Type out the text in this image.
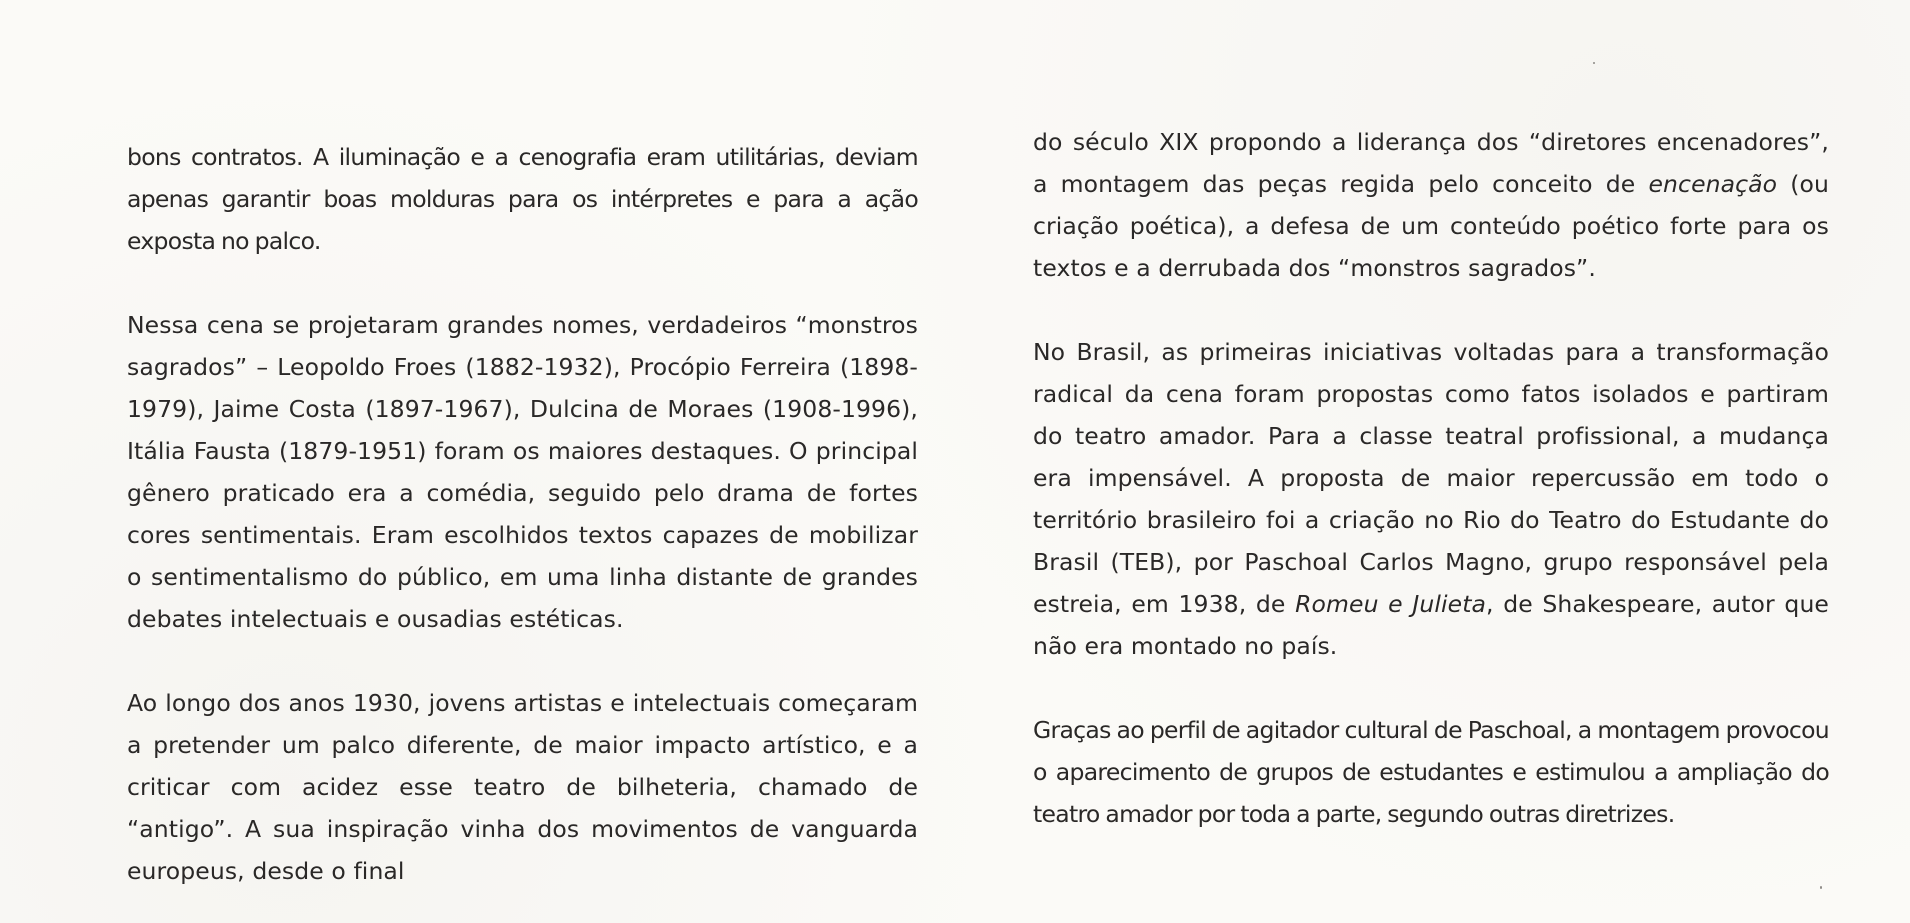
bons contratos. A iluminação e a cenografia eram utilitárias, deviam apenas garantir boas molduras para os intérpretes e para a ação exposta no palco.

Nessa cena se projetaram grandes nomes, verdadeiros “monstros sagrados” – Leopoldo Froes (1882-1932), Procópio Ferreira (1898-1979), Jaime Costa (1897-1967), Dulcina de Moraes (1908-1996), Itália Fausta (1879-1951) foram os maiores destaques. O principal gênero praticado era a comédia, seguido pelo drama de fortes cores sentimentais. Eram escolhidos textos capazes de mobilizar o sentimentalismo do público, em uma linha distante de grandes debates intelectuais e ousadias estéticas.

Ao longo dos anos 1930, jovens artistas e intelectuais começaram a pretender um palco diferente, de maior impacto artístico, e a criticar com acidez esse teatro de bilheteria, chamado de “antigo”. A sua inspiração vinha dos movimentos de vanguarda europeus, desde o final

do século XIX propondo a liderança dos “diretores encenadores”, a montagem das peças regida pelo conceito de encenação (ou criação poética), a defesa de um conteúdo poético forte para os textos e a derrubada dos “monstros sagrados”.

No Brasil, as primeiras iniciativas voltadas para a transformação radical da cena foram propostas como fatos isolados e partiram do teatro amador. Para a classe teatral profissional, a mudança era impensável. A proposta de maior repercussão em todo o território brasileiro foi a criação no Rio do Teatro do Estudante do Brasil (TEB), por Paschoal Carlos Magno, grupo responsável pela estreia, em 1938, de Romeu e Julieta, de Shakespeare, autor que não era montado no país.

Graças ao perfil de agitador cultural de Paschoal, a montagem provocou o aparecimento de grupos de estudantes e estimulou a ampliação do teatro amador por toda a parte, segundo outras diretrizes.
